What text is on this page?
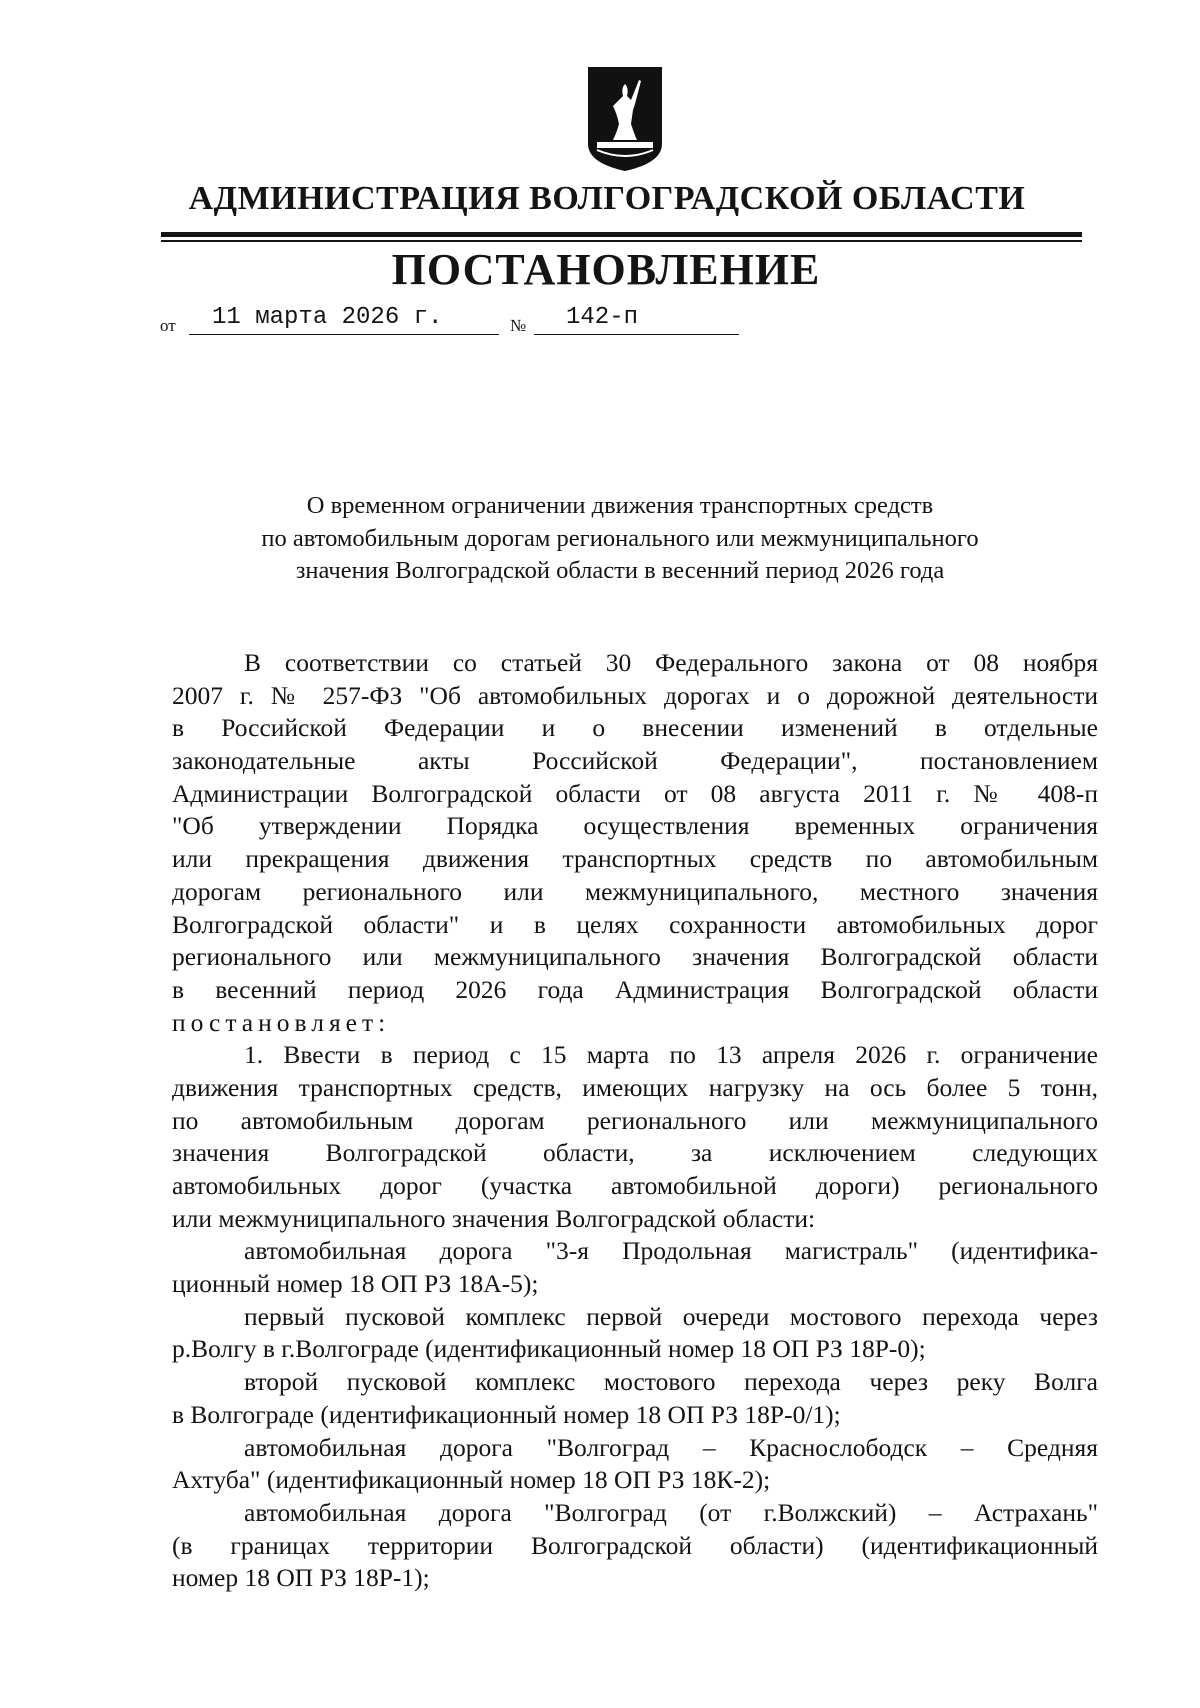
АДМИНИСТРАЦИЯ ВОЛГОГРАДСКОЙ ОБЛАСТИ
ПОСТАНОВЛЕНИЕ
от 11 марта 2026 г.	№ 142-п
О временном ограничении движения транспортных средств
по автомобильным дорогам регионального или межмуниципального
значения Волгоградской области в весенний период 2026 года
В соответствии со статьей 30 Федерального закона от 08 ноября
2007 г. № 257-ФЗ "Об автомобильных дорогах и о дорожной деятельности
в Российской Федерации и о внесении изменений в отдельные
законодательные акты Российской Федерации", постановлением
Администрации Волгоградской области от 08 августа 2011 г. № 408-п
"Об утверждении Порядка осуществления временных ограничения
или прекращения движения транспортных средств по автомобильным
дорогам регионального или межмуниципального, местного значения
Волгоградской области" и в целях сохранности автомобильных дорог
регионального или межмуниципального значения Волгоградской области
в весенний период 2026 года Администрация Волгоградской области
постановляет:
1. Ввести в период с 15 марта по 13 апреля 2026 г. ограничение
движения транспортных средств, имеющих нагрузку на ось более 5 тонн,
по автомобильным дорогам регионального или межмуниципального
значения Волгоградской области, за исключением следующих
автомобильных дорог (участка автомобильной дороги) регионального
или межмуниципального значения Волгоградской области:
автомобильная дорога "3-я Продольная магистраль" (идентифика-
ционный номер 18 ОП РЗ 18А-5);
первый пусковой комплекс первой очереди мостового перехода через
р.Волгу в г.Волгограде (идентификационный номер 18 ОП РЗ 18Р-0);
второй пусковой комплекс мостового перехода через реку Волга
в Волгограде (идентификационный номер 18 ОП РЗ 18Р-0/1);
автомобильная дорога "Волгоград – Краснослободск – Средняя
Ахтуба" (идентификационный номер 18 ОП РЗ 18К-2);
автомобильная дорога "Волгоград (от г.Волжский) – Астрахань"
(в границах территории Волгоградской области) (идентификационный
номер 18 ОП РЗ 18Р-1);
